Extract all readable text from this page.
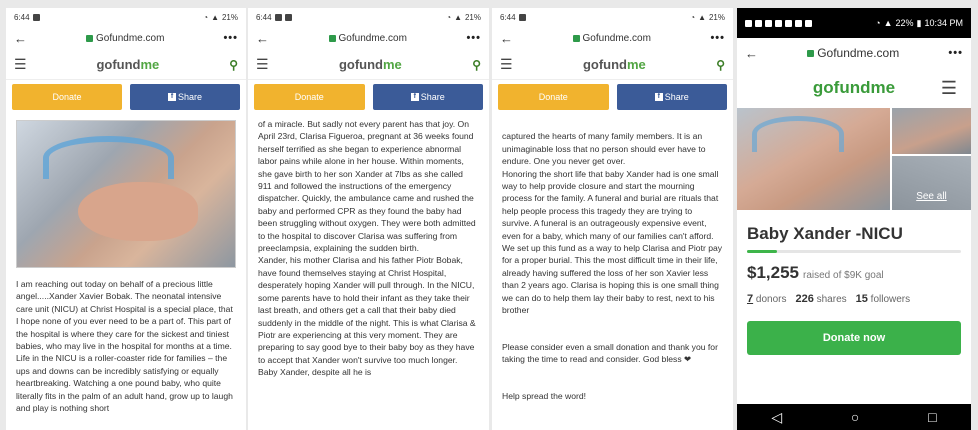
6:44	◔ ▲ 21%
←	Gofundme.com	•••
☰	gofundme	⚲
Donate	f Share
I am reaching out today on behalf of a precious little angel.....Xander Xavier Bobak. The neonatal intensive care unit (NICU) at Christ Hospital is a special place, that I hope none of you ever need to be a part of. This part of the hospital is where they care for the sickest and tiniest babies, who may live in the hospital for months at a time. Life in the NICU is a roller-coaster ride for families – the ups and downs can be incredibly satisfying or equally heartbreaking. Watching a one pound baby, who quite literally fits in the palm of an adult hand, grow up to laugh and play is nothing short
6:44	◔ ▲ 21%
←	Gofundme.com	•••
☰	gofundme	⚲
Donate	f Share
of a miracle. But sadly not every parent has that joy. On April 23rd, Clarisa Figueroa, pregnant at 36 weeks found herself terrified as she began to experience abnormal labor pains while alone in her house. Within moments, she gave birth to her son Xander at 7lbs as she called 911 and followed the instructions of the emergency dispatcher. Quickly, the ambulance came and rushed the baby and performed CPR as they found the baby had been struggling without oxygen. They were both admitted to the hospital to discover Clarisa was suffering from preeclampsia, explaining the sudden birth.
Xander, his mother Clarisa and his father Piotr Bobak, have found themselves staying at Christ Hospital, desperately hoping Xander will pull through. In the NICU, some parents have to hold their infant as they take their last breath, and others get a call that their baby died suddenly in the middle of the night. This is what Clarisa & Piotr are experiencing at this very moment. They are preparing to say good bye to their baby boy as they have to accept that Xander won't survive too much longer. Baby Xander, despite all he is
6:44	◔ ▲ 21%
←	Gofundme.com	•••
☰	gofundme	⚲
Donate	f Share

captured the hearts of many family members. It is an unimaginable loss that no person should ever have to endure. One you never get over.
Honoring the short life that baby Xander had is one small way to help provide closure and start the mourning process for the family. A funeral and burial are rituals that help people process this tragedy they are trying to survive. A funeral is an outrageously expensive event, even for a baby, which many of our families can't afford.
We set up this fund as a way to help Clarisa and Piotr pay for a proper burial. This the most difficult time in their life, already having suffered the loss of her son Xavier less than 2 years ago. Clarisa is hoping this is one small thing we can do to help them lay their baby to rest, next to his brother

Please consider even a small donation and thank you for taking the time to read and consider. God bless ❤

Help spread the word!

◔ ▲ 22% ▮ 10:34 PM
←	Gofundme.com	•••
gofundme	☰
See all
Baby Xander -NICU
$1,255 raised of $9K goal
7 donors 226 shares 15 followers
Donate now
◁	○	□
